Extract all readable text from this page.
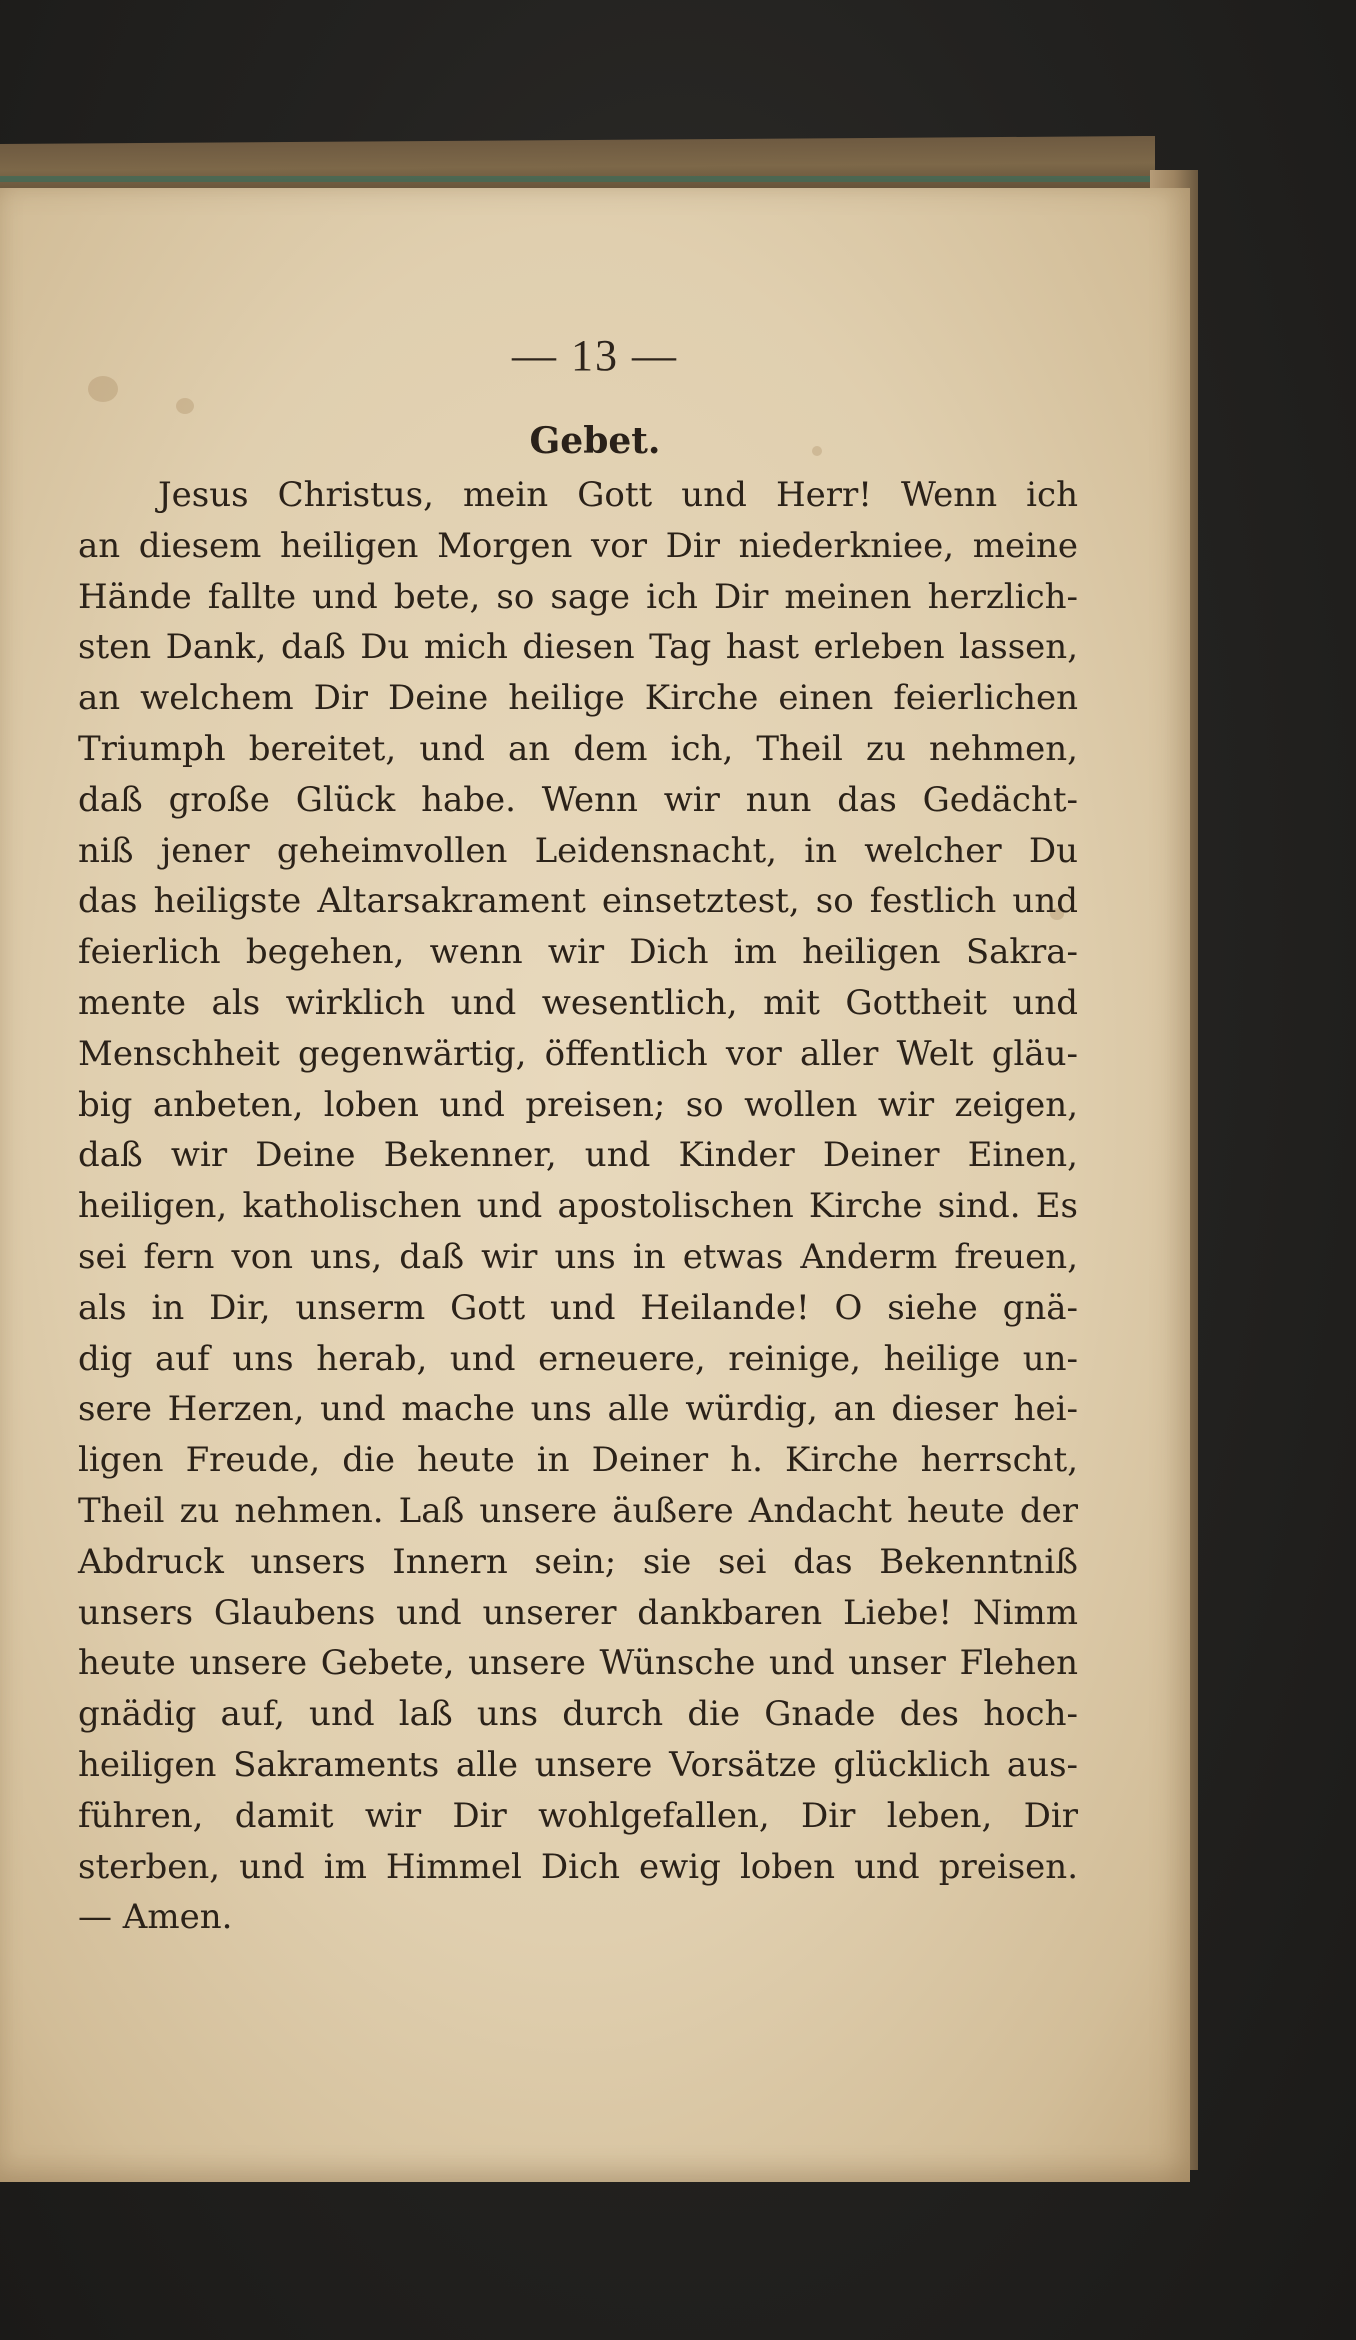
— 13 —
Gebet.
Jesus Christus, mein Gott und Herr! Wenn ich
an diesem heiligen Morgen vor Dir niederkniee, meine
Hände fallte und bete, so sage ich Dir meinen herzlich-
sten Dank, daß Du mich diesen Tag hast erleben lassen,
an welchem Dir Deine heilige Kirche einen feierlichen
Triumph bereitet, und an dem ich, Theil zu nehmen,
daß große Glück habe. Wenn wir nun das Gedächt-
niß jener geheimvollen Leidensnacht, in welcher Du
das heiligste Altarsakrament einsetztest, so festlich und
feierlich begehen, wenn wir Dich im heiligen Sakra-
mente als wirklich und wesentlich, mit Gottheit und
Menschheit gegenwärtig, öffentlich vor aller Welt gläu-
big anbeten, loben und preisen; so wollen wir zeigen,
daß wir Deine Bekenner, und Kinder Deiner Einen,
heiligen, katholischen und apostolischen Kirche sind. Es
sei fern von uns, daß wir uns in etwas Anderm freuen,
als in Dir, unserm Gott und Heilande! O siehe gnä-
dig auf uns herab, und erneuere, reinige, heilige un-
sere Herzen, und mache uns alle würdig, an dieser hei-
ligen Freude, die heute in Deiner h. Kirche herrscht,
Theil zu nehmen. Laß unsere äußere Andacht heute der
Abdruck unsers Innern sein; sie sei das Bekenntniß
unsers Glaubens und unserer dankbaren Liebe! Nimm
heute unsere Gebete, unsere Wünsche und unser Flehen
gnädig auf, und laß uns durch die Gnade des hoch-
heiligen Sakraments alle unsere Vorsätze glücklich aus-
führen, damit wir Dir wohlgefallen, Dir leben, Dir
sterben, und im Himmel Dich ewig loben und preisen.
— Amen.
